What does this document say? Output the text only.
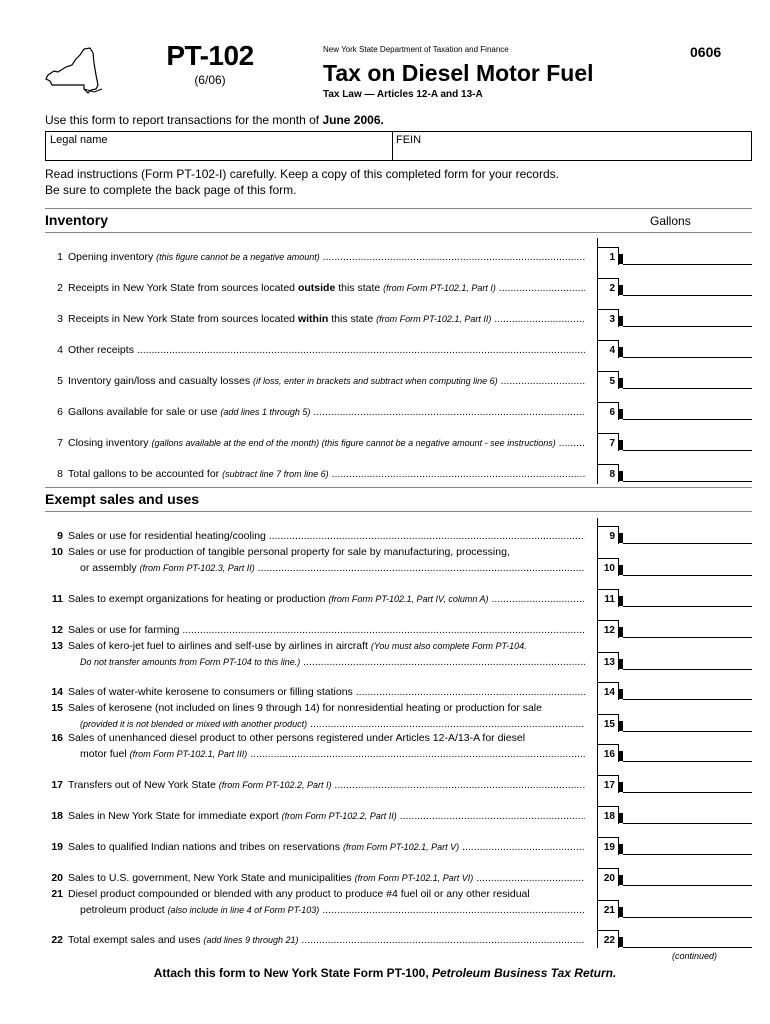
PT-102
(6/06)
New York State Department of Taxation and Finance
Tax on Diesel Motor Fuel
Tax Law — Articles 12-A and 13-A
0606
Use this form to report transactions for the month of June 2006.
Legal name	FEIN
Read instructions (Form PT-102-I) carefully. Keep a copy of this completed form for your records.
Be sure to complete the back page of this form.
Inventory	Gallons
1 Opening inventory (this figure cannot be a negative amount) .....	1
2 Receipts in New York State from sources located outside this state (from Form PT-102.1, Part I) .....	2
3 Receipts in New York State from sources located within this state (from Form PT-102.1, Part II) .....	3
4 Other receipts .....	4
5 Inventory gain/loss and casualty losses (if loss, enter in brackets and subtract when computing line 6) .....	5
6 Gallons available for sale or use (add lines 1 through 5) .....	6
7 Closing inventory (gallons available at the end of the month) (this figure cannot be a negative amount - see instructions) .....	7
8 Total gallons to be accounted for (subtract line 7 from line 6) .....	8
Exempt sales and uses
9 Sales or use for residential heating/cooling .....	9
10 Sales or use for production of tangible personal property for sale by manufacturing, processing,
or assembly (from Form PT-102.3, Part II) .....	10
11 Sales to exempt organizations for heating or production (from Form PT-102.1, Part IV, column A) .....	11
12 Sales or use for farming .....	12
13 Sales of kero-jet fuel to airlines and self-use by airlines in aircraft (You must also complete Form PT-104.
Do not transfer amounts from Form PT-104 to this line.) .....	13
14 Sales of water-white kerosene to consumers or filling stations .....	14
15 Sales of kerosene (not included on lines 9 through 14) for nonresidential heating or production for sale
(provided it is not blended or mixed with another product) .....	15
16 Sales of unenhanced diesel product to other persons registered under Articles 12-A/13-A for diesel
motor fuel (from Form PT-102.1, Part III) .....	16
17 Transfers out of New York State (from Form PT-102.2, Part I) .....	17
18 Sales in New York State for immediate export (from Form PT-102.2, Part II) .....	18
19 Sales to qualified Indian nations and tribes on reservations (from Form PT-102.1, Part V) .....	19
20 Sales to U.S. government, New York State and municipalities (from Form PT-102.1, Part VI) .....	20
21 Diesel product compounded or blended with any product to produce #4 fuel oil or any other residual
petroleum product (also include in line 4 of Form PT-103) .....	21
22 Total exempt sales and uses (add lines 9 through 21) .....	22
(continued)
Attach this form to New York State Form PT-100, Petroleum Business Tax Return.
